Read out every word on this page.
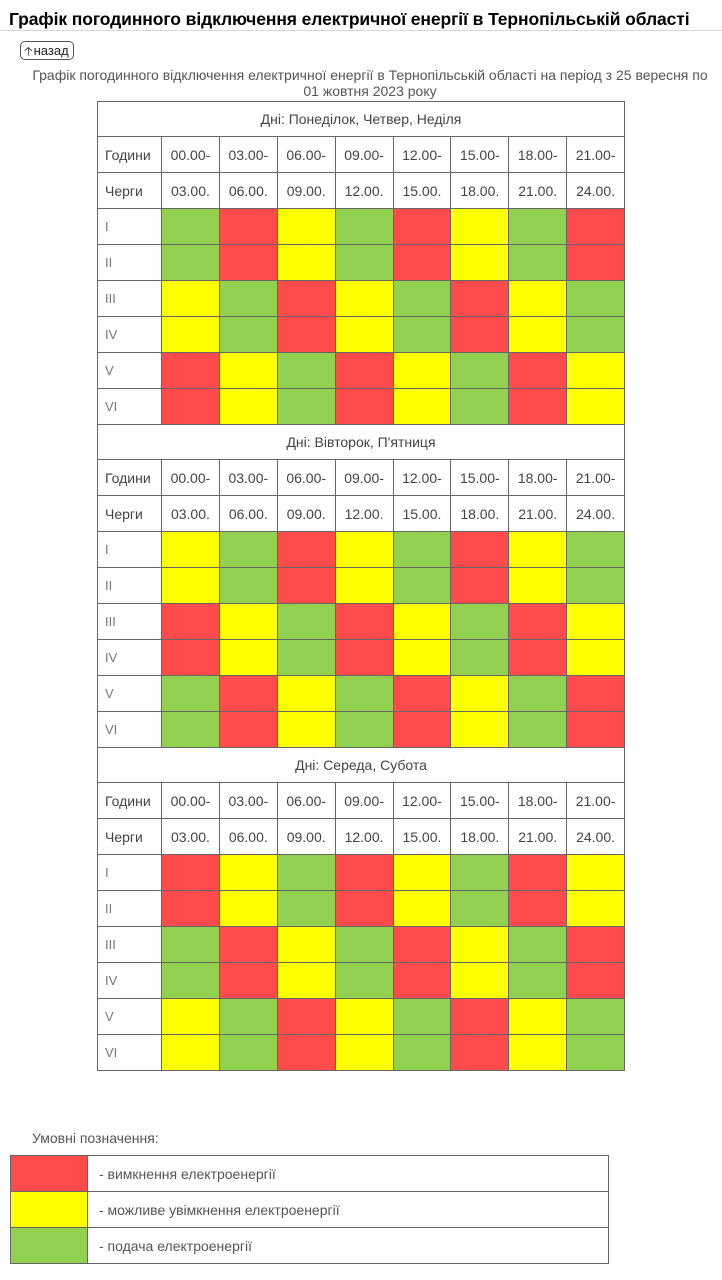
Графік погодинного відключення електричної енергії в Тернопільській області
🡡назад
Графік погодинного відключення електричної енергії в Тернопільській області на період з 25 вересня по 01 жовтня 2023 року
Дні: Понеділок, Четвер, Неділя								
Години	00.00-	03.00-	06.00-	09.00-	12.00-	15.00-	18.00-	21.00-
Черги	03.00.	06.00.	09.00.	12.00.	15.00.	18.00.	21.00.	24.00.
I								
II								
III								
IV								
V								
VI								
Дні: Вівторок, П'ятниця								
Години	00.00-	03.00-	06.00-	09.00-	12.00-	15.00-	18.00-	21.00-
Черги	03.00.	06.00.	09.00.	12.00.	15.00.	18.00.	21.00.	24.00.
I								
II								
III								
IV								
V								
VI								
Дні: Середа, Субота								
Години	00.00-	03.00-	06.00-	09.00-	12.00-	15.00-	18.00-	21.00-
Черги	03.00.	06.00.	09.00.	12.00.	15.00.	18.00.	21.00.	24.00.
I								
II								
III								
IV								
V								
VI								
Умовні позначення:
	- вимкнення електроенергії
	- можливе увімкнення електроенергії
	- подача електроенергії
